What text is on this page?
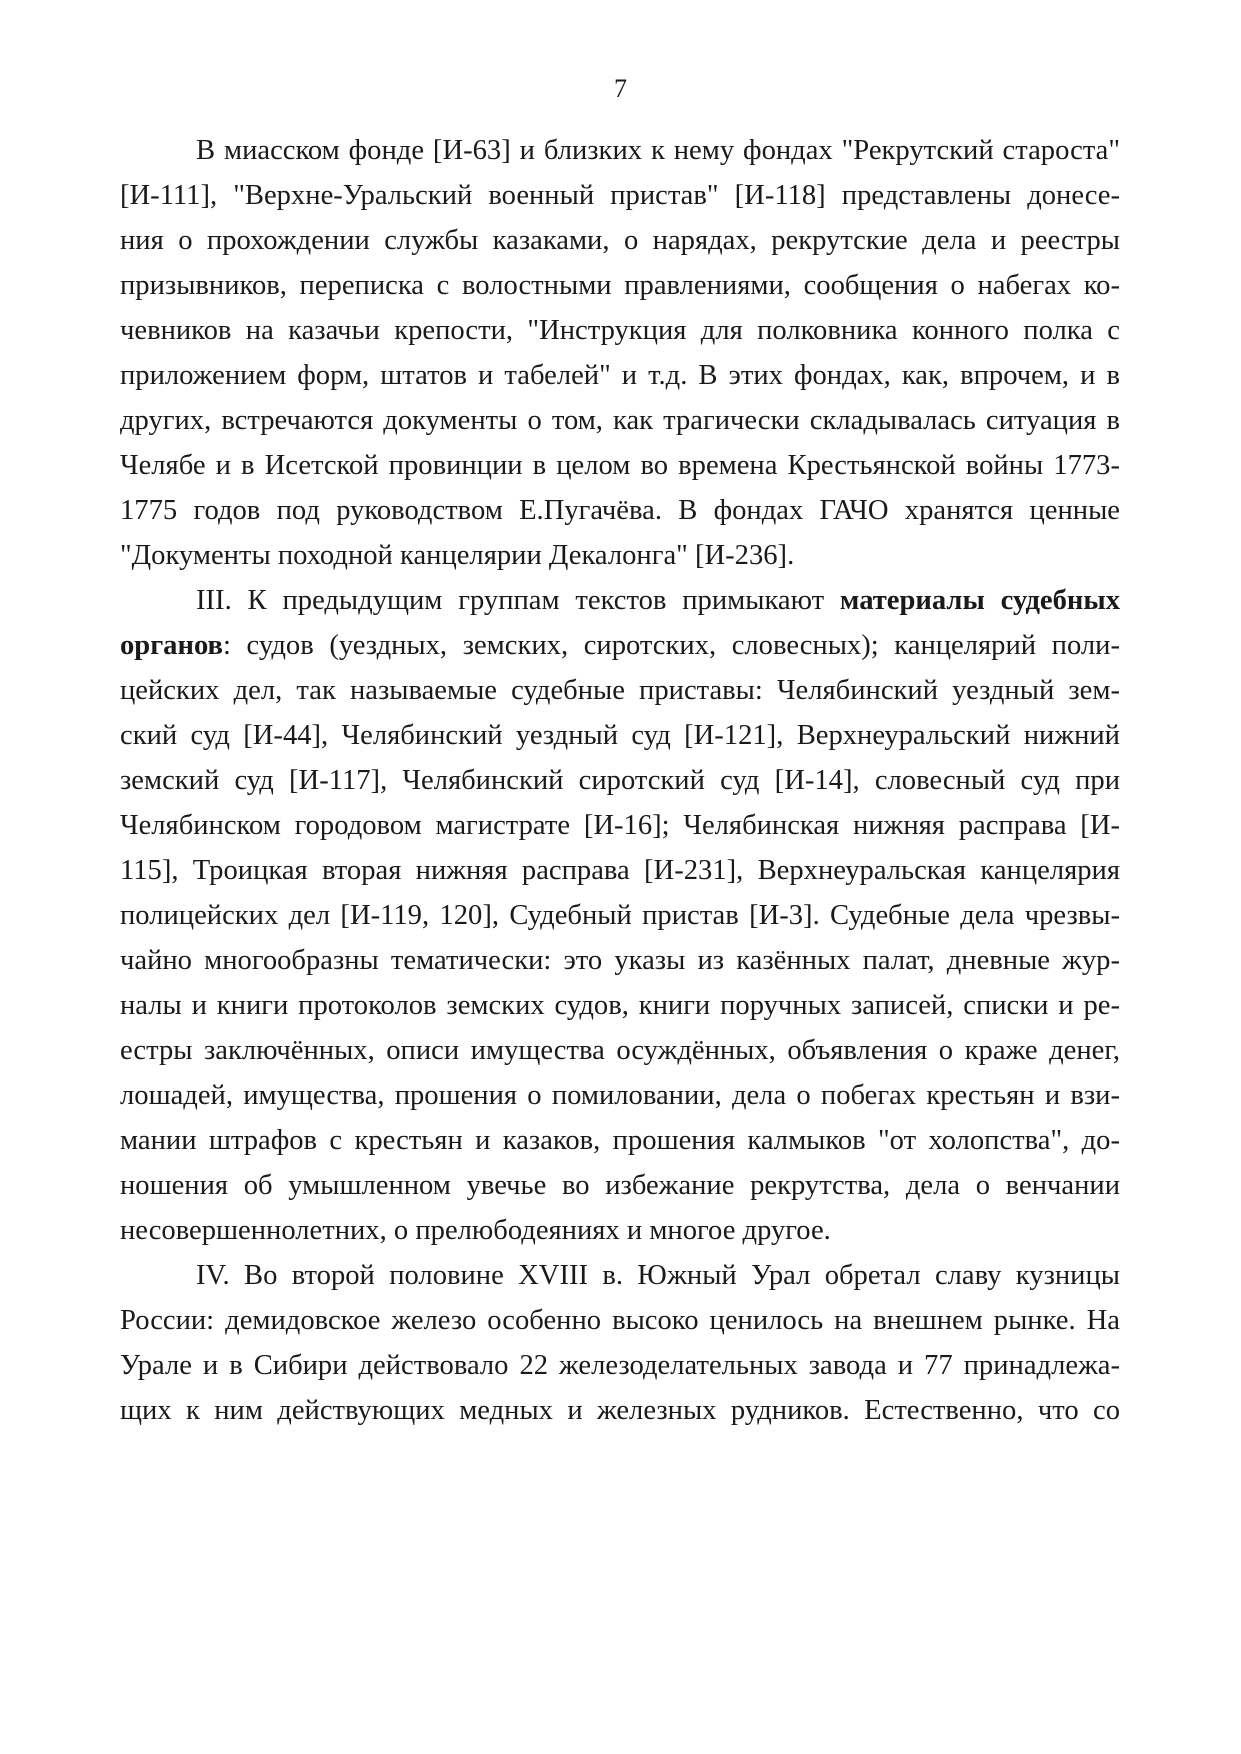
7
В миасском фонде [И-63] и близких к нему фондах "Рекрутский староста"
[И-111], "Верхне-Уральский военный пристав" [И-118] представлены донесе-
ния о прохождении службы казаками, о нарядах, рекрутские дела и реестры
призывников, переписка с волостными правлениями, сообщения о набегах ко-
чевников на казачьи крепости, "Инструкция для полковника конного полка с
приложением форм, штатов и табелей" и т.д. В этих фондах, как, впрочем, и в
других, встречаются документы о том, как трагически складывалась ситуация в
Челябе и в Исетской провинции в целом во времена Крестьянской войны 1773-
1775 годов под руководством Е.Пугачёва. В фондах ГАЧО хранятся ценные
"Документы походной канцелярии Декалонга" [И-236].
III. К предыдущим группам текстов примыкают материалы судебных
органов: судов (уездных, земских, сиротских, словесных); канцелярий поли-
цейских дел, так называемые судебные приставы: Челябинский уездный зем-
ский суд [И-44], Челябинский уездный суд [И-121], Верхнеуральский нижний
земский суд [И-117], Челябинский сиротский суд [И-14], словесный суд при
Челябинском городовом магистрате [И-16]; Челябинская нижняя расправа [И-
115], Троицкая вторая нижняя расправа [И-231], Верхнеуральская канцелярия
полицейских дел [И-119, 120], Судебный пристав [И-3]. Судебные дела чрезвы-
чайно многообразны тематически: это указы из казённых палат, дневные жур-
налы и книги протоколов земских судов, книги поручных записей, списки и ре-
естры заключённых, описи имущества осуждённых, объявления о краже денег,
лошадей, имущества, прошения о помиловании, дела о побегах крестьян и взи-
мании штрафов с крестьян и казаков, прошения калмыков "от холопства", до-
ношения об умышленном увечье во избежание рекрутства, дела о венчании
несовершеннолетних, о прелюбодеяниях и многое другое.
IV. Во второй половине XVIII в. Южный Урал обретал славу кузницы
России: демидовское железо особенно высоко ценилось на внешнем рынке. На
Урале и в Сибири действовало 22 железоделательных завода и 77 принадлежа-
щих к ним действующих медных и железных рудников. Естественно, что со
